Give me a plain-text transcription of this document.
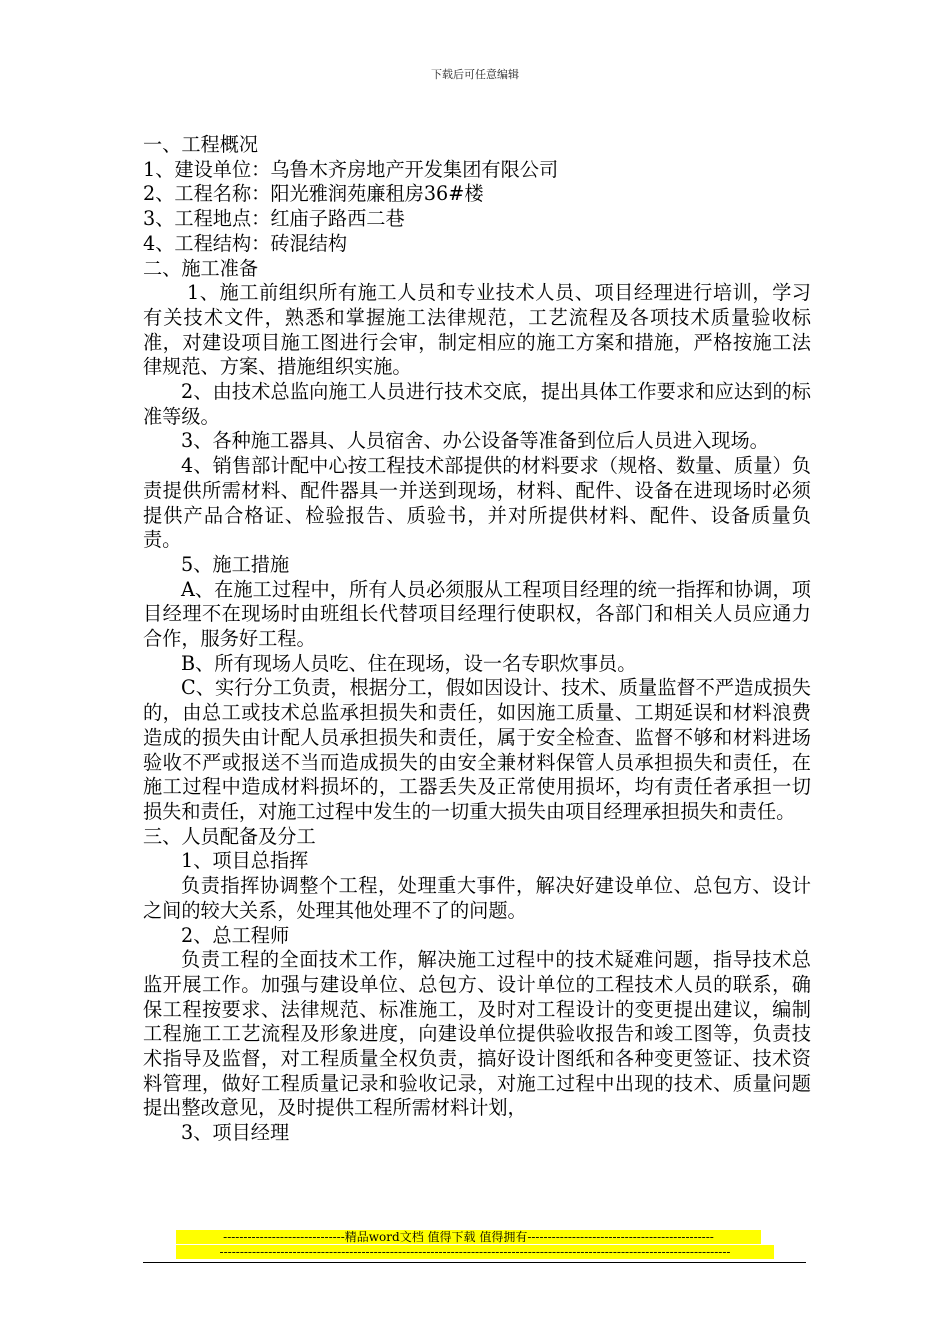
下载后可任意编辑

一、工程概况

1、建设单位：乌鲁木齐房地产开发集团有限公司

2、工程名称：阳光雅润苑廉租房36#楼

3、工程地点：红庙子路西二巷

4、工程结构：砖混结构

二、施工准备

1、施工前组织所有施工人员和专业技术人员、项目经理进行培训，学习有关技术文件，熟悉和掌握施工法律规范，工艺流程及各项技术质量验收标准，对建设项目施工图进行会审，制定相应的施工方案和措施，严格按施工法律规范、方案、措施组织实施。

2、由技术总监向施工人员进行技术交底，提出具体工作要求和应达到的标准等级。

3、各种施工器具、人员宿舍、办公设备等准备到位后人员进入现场。

4、销售部计配中心按工程技术部提供的材料要求（规格、数量、质量）负责提供所需材料、配件器具一并送到现场，材料、配件、设备在进现场时必须提供产品合格证、检验报告、质验书，并对所提供材料、配件、设备质量负责。

5、施工措施

A、在施工过程中，所有人员必须服从工程项目经理的统一指挥和协调，项目经理不在现场时由班组长代替项目经理行使职权，各部门和相关人员应通力合作，服务好工程。

B、所有现场人员吃、住在现场，设一名专职炊事员。

C、实行分工负责，根据分工，假如因设计、技术、质量监督不严造成损失的，由总工或技术总监承担损失和责任，如因施工质量、工期延误和材料浪费造成的损失由计配人员承担损失和责任，属于安全检查、监督不够和材料进场验收不严或报送不当而造成损失的由安全兼材料保管人员承担损失和责任，在施工过程中造成材料损坏的，工器丢失及正常使用损坏，均有责任者承担一切损失和责任，对施工过程中发生的一切重大损失由项目经理承担损失和责任。

三、人员配备及分工

1、项目总指挥

负责指挥协调整个工程，处理重大事件，解决好建设单位、总包方、设计之间的较大关系，处理其他处理不了的问题。

2、总工程师

负责工程的全面技术工作，解决施工过程中的技术疑难问题，指导技术总监开展工作。加强与建设单位、总包方、设计单位的工程技术人员的联系，确保工程按要求、法律规范、标准施工，及时对工程设计的变更提出建议，编制工程施工工艺流程及形象进度，向建设单位提供验收报告和竣工图等，负责技术指导及监督，对工程质量全权负责，搞好设计图纸和各种变更签证、技术资料管理，做好工程质量记录和验收记录，对施工过程中出现的技术、质量问题提出整改意见，及时提供工程所需材料计划，

3、项目经理

------------------------------精品word文档 值得下载 值得拥有----------------------------------------------
------------------------------------------------------------------------------------------------------------------------------
